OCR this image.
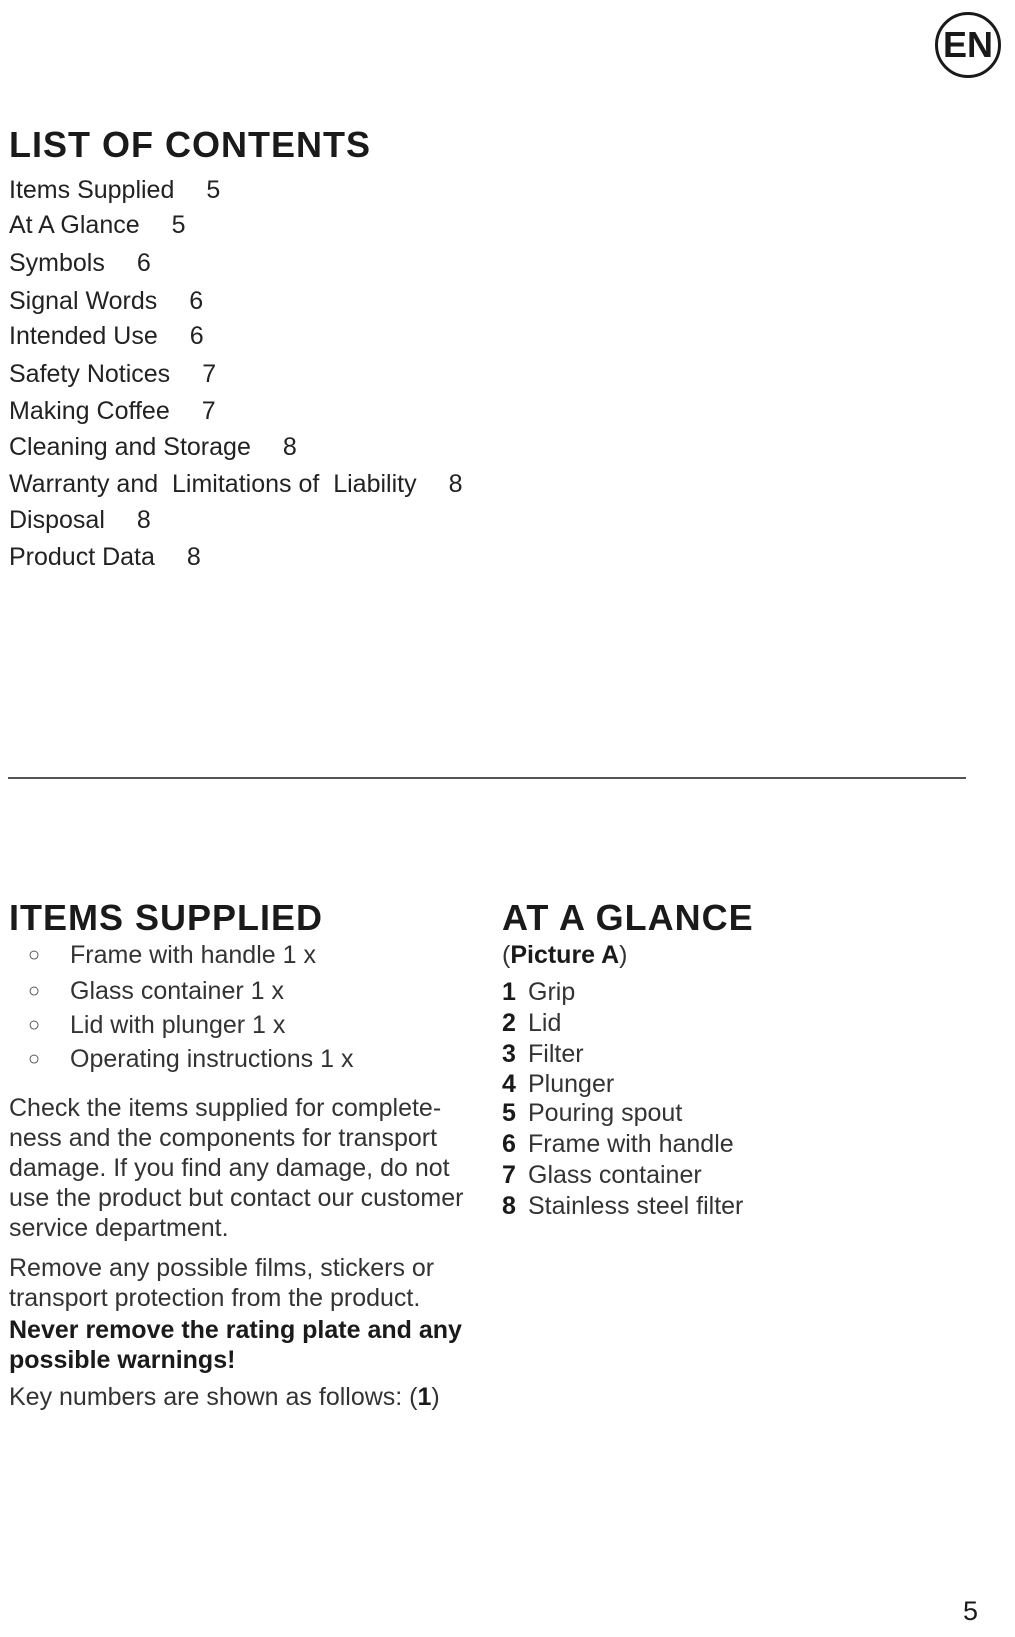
EN
LIST OF CONTENTS
Items Supplied 5
At A Glance 5
Symbols 6
Signal Words 6
Intended Use 6
Safety Notices 7
Making Coffee 7
Cleaning and Storage 8
Warranty and  Limitations of  Liability 8
Disposal 8
Product Data 8
ITEMS SUPPLIED
○	Frame with handle 1 x
○	Glass container 1 x
○	Lid with plunger 1 x
○	Operating instructions 1 x

Check the items supplied for complete-ness and the components for transport damage. If you find any damage, do not use the product but contact our customer service department.

Remove any possible films, stickers or transport protection from the product.

Never remove the rating plate and any possible warnings!

Key numbers are shown as follows: (1)

AT A GLANCE
(Picture A)
1 Grip
2 Lid
3 Filter
4 Plunger
5 Pouring spout
6 Frame with handle
7 Glass container
8 Stainless steel filter
5
